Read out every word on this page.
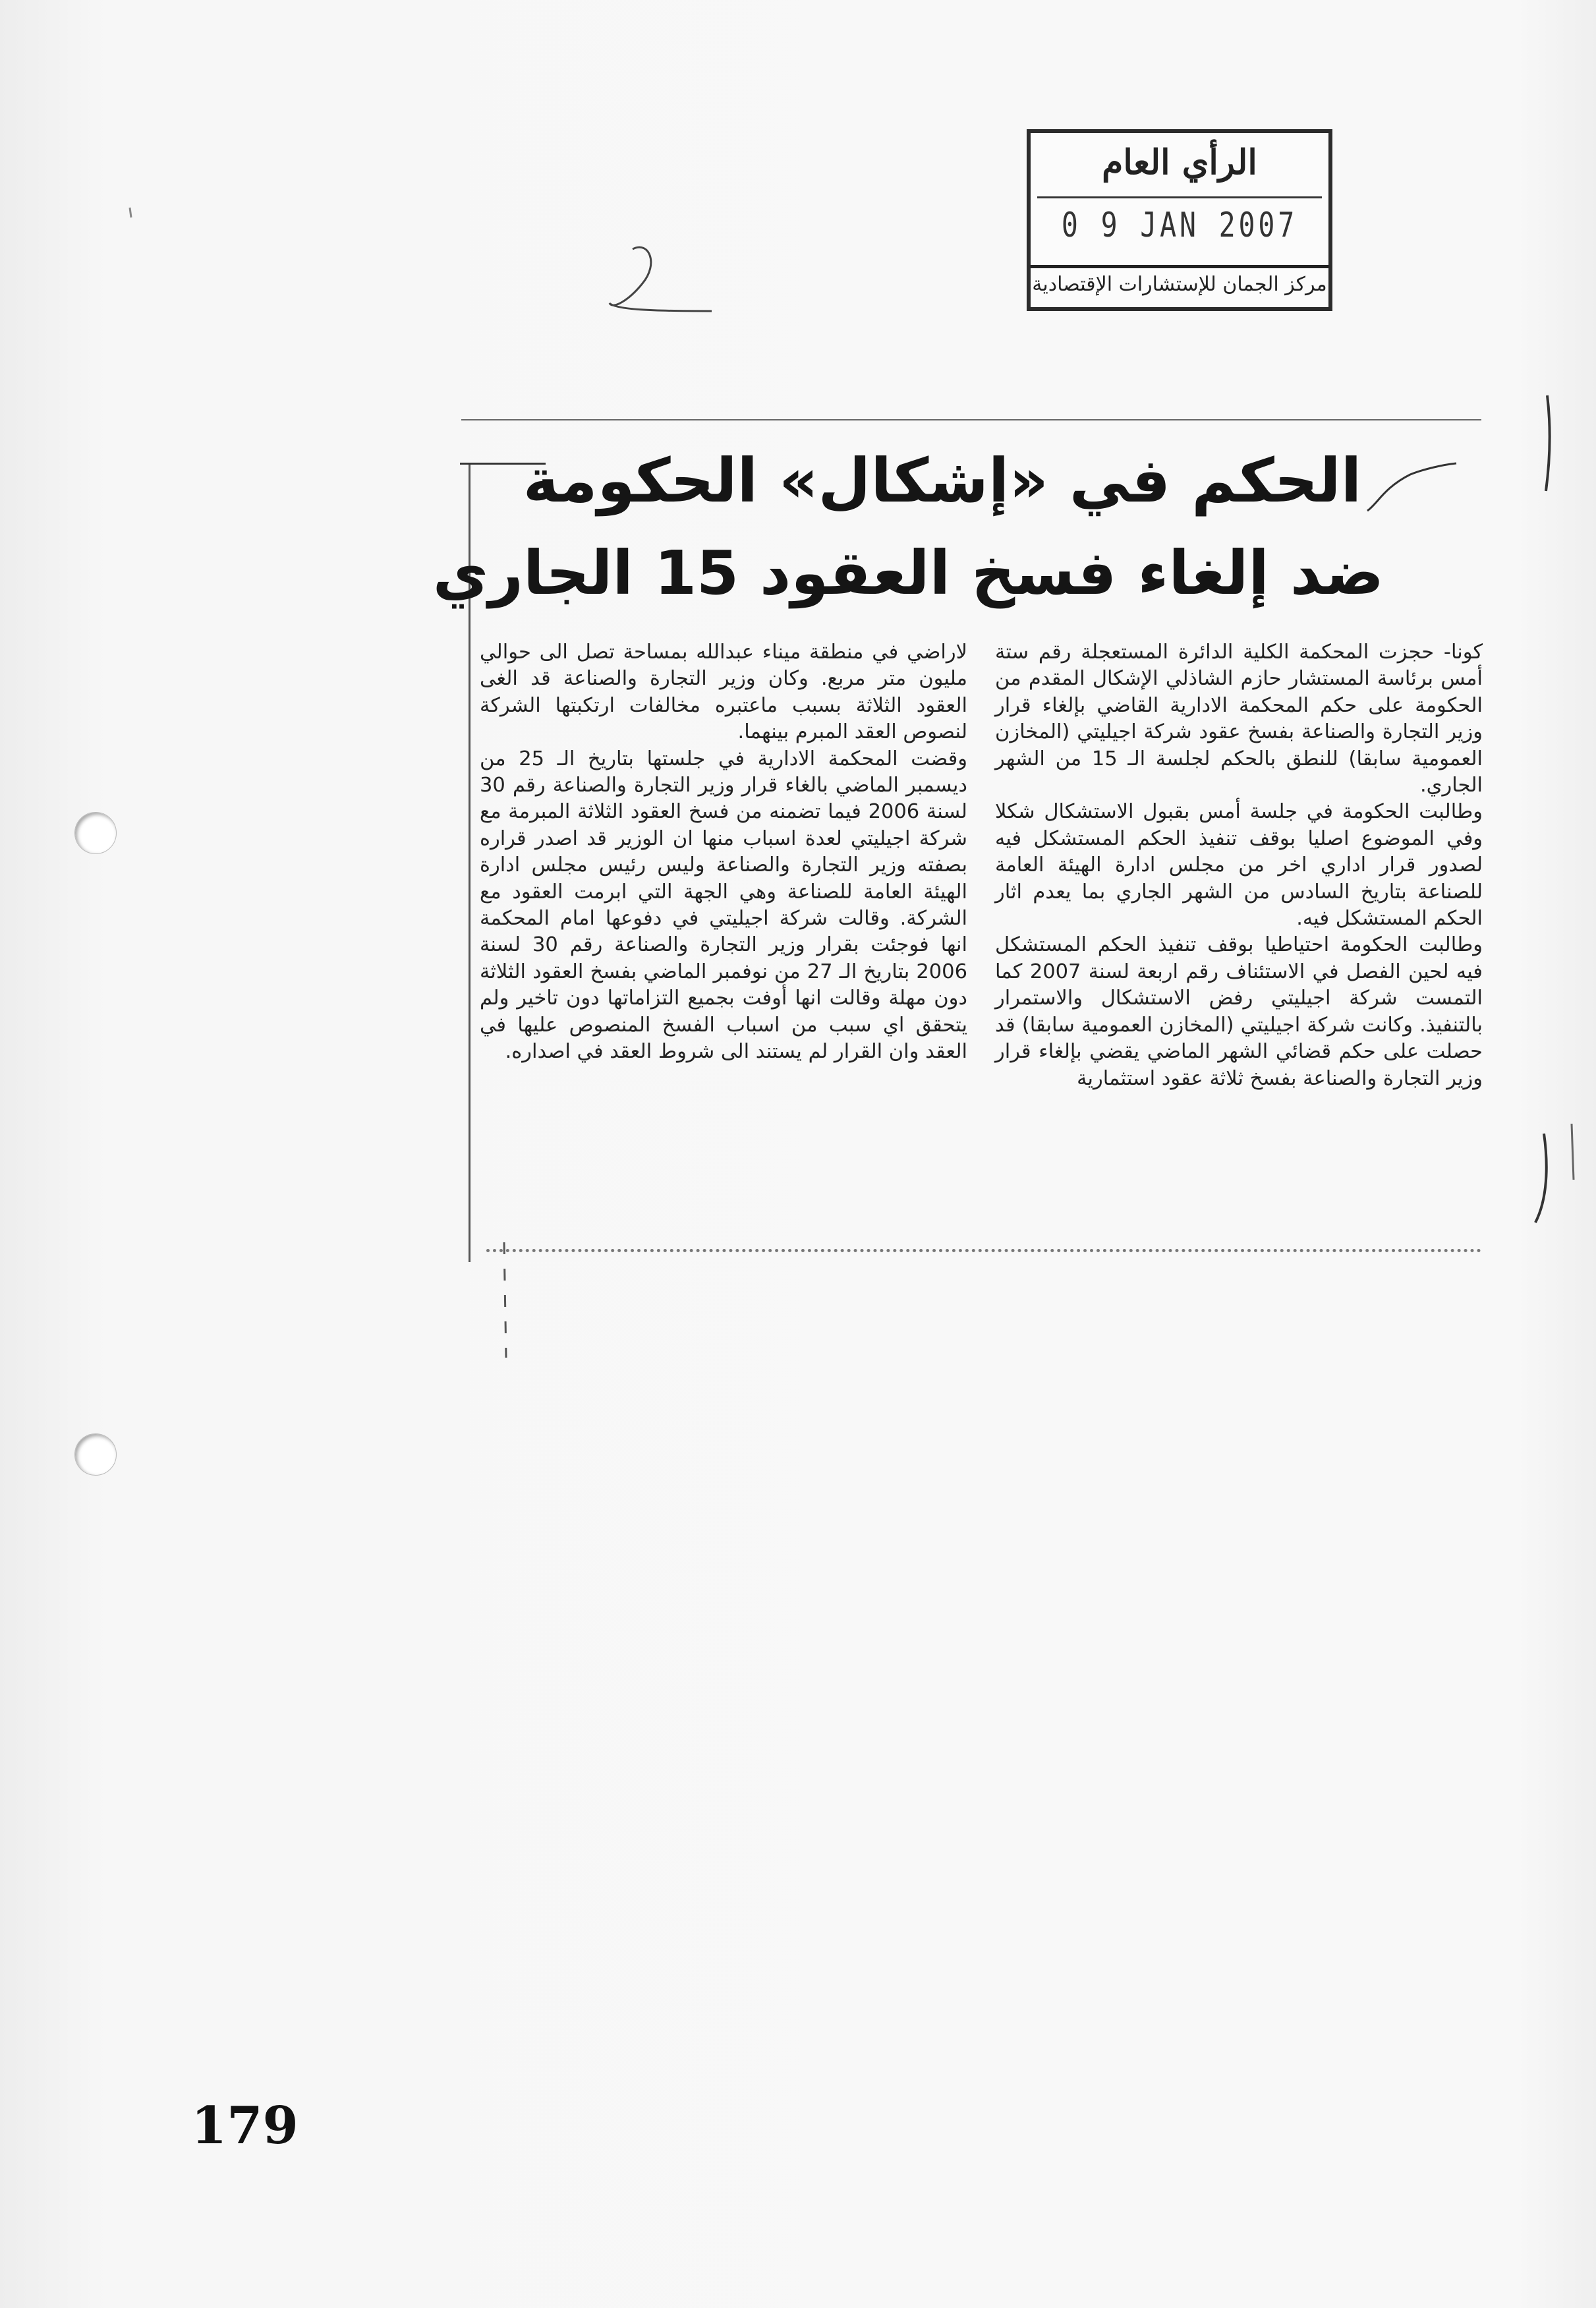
الرأي العام
0 9 JAN 2007
مركز الجمان للإستشارات الإقتصادية
الحكم في «إشكال» الحكومة
ضد إلغاء فسخ العقود 15 الجاري
كونا- حجزت المحكمة الكلية الدائرة المستعجلة رقم ستة أمس برئاسة المستشار حازم الشاذلي الإشكال المقدم من الحكومة على حكم المحكمة الادارية القاضي بإلغاء قرار وزير التجارة والصناعة بفسخ عقود شركة اجيليتي (المخازن العمومية سابقا) للنطق بالحكم لجلسة الـ 15 من الشهر الجاري.
وطالبت الحكومة في جلسة أمس بقبول الاستشكال شكلا وفي الموضوع اصليا بوقف تنفيذ الحكم المستشكل فيه لصدور قرار اداري اخر من مجلس ادارة الهيئة العامة للصناعة بتاريخ السادس من الشهر الجاري بما يعدم اثار الحكم المستشكل فيه.
وطالبت الحكومة احتياطيا بوقف تنفيذ الحكم المستشكل فيه لحين الفصل في الاستئناف رقم اربعة لسنة 2007 كما التمست شركة اجيليتي رفض الاستشكال والاستمرار بالتنفيذ. وكانت شركة اجيليتي (المخازن العمومية سابقا) قد حصلت على حكم قضائي الشهر الماضي يقضي بإلغاء قرار وزير التجارة والصناعة بفسخ ثلاثة عقود استثمارية
لاراضي في منطقة ميناء عبدالله بمساحة تصل الى حوالي مليون متر مربع. وكان وزير التجارة والصناعة قد الغى العقود الثلاثة بسبب ماعتبره مخالفات ارتكبتها الشركة لنصوص العقد المبرم بينهما.
وقضت المحكمة الادارية في جلستها بتاريخ الـ 25 من ديسمبر الماضي بالغاء قرار وزير التجارة والصناعة رقم 30 لسنة 2006 فيما تضمنه من فسخ العقود الثلاثة المبرمة مع شركة اجيليتي لعدة اسباب منها ان الوزير قد اصدر قراره بصفته وزير التجارة والصناعة وليس رئيس مجلس ادارة الهيئة العامة للصناعة وهي الجهة التي ابرمت العقود مع الشركة. وقالت شركة اجيليتي في دفوعها امام المحكمة انها فوجئت بقرار وزير التجارة والصناعة رقم 30 لسنة 2006 بتاريخ الـ 27 من نوفمبر الماضي بفسخ العقود الثلاثة دون مهلة وقالت انها أوفت بجميع التزاماتها دون تاخير ولم يتحقق اي سبب من اسباب الفسخ المنصوص عليها في العقد وان القرار لم يستند الى شروط العقد في اصداره.
179
